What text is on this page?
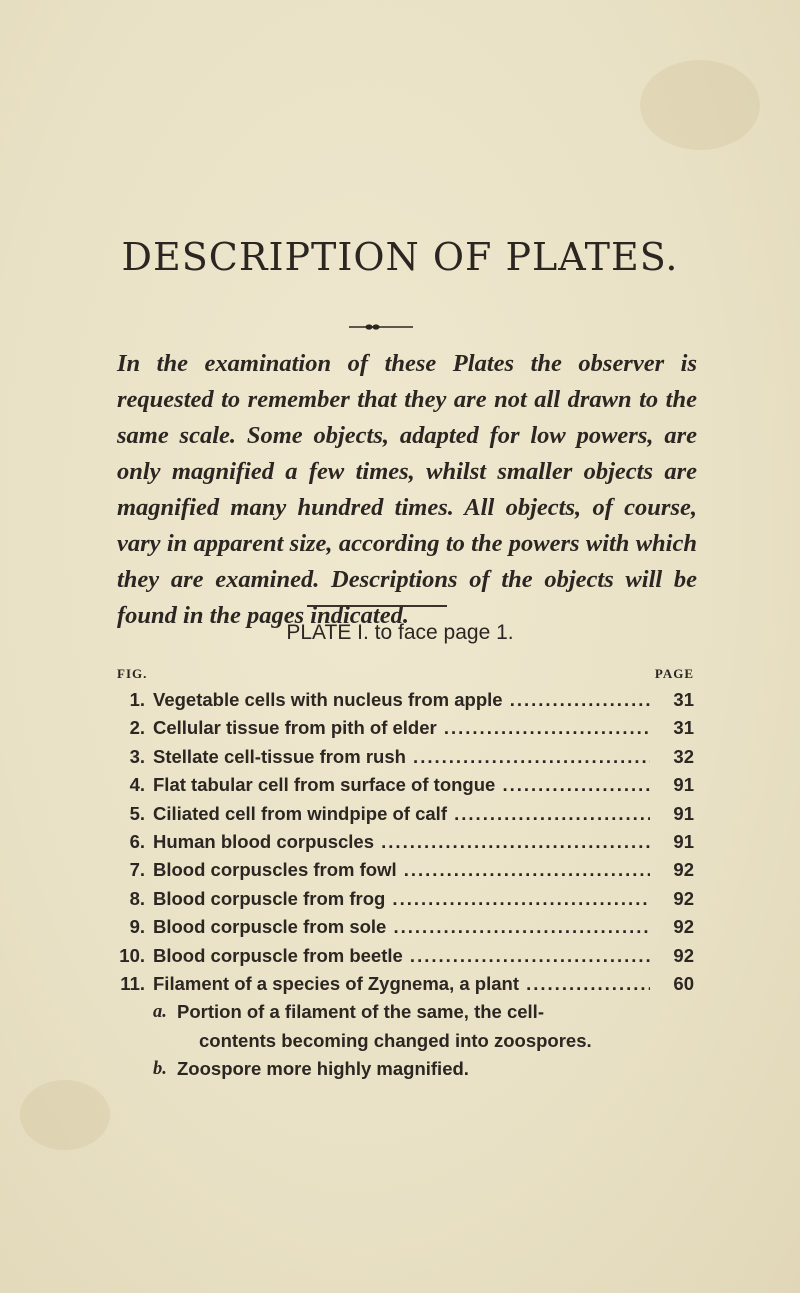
DESCRIPTION OF PLATES.
In the examination of these Plates the observer is requested to remember that they are not all drawn to the same scale. Some objects, adapted for low powers, are only magnified a few times, whilst smaller objects are magnified many hundred times. All objects, of course, vary in apparent size, according to the powers with which they are examined. Descriptions of the objects will be found in the pages indicated.
PLATE I. to face page 1.
FIG.	PAGE
1. Vegetable cells with nucleus from apple .....	31
2. Cellular tissue from pith of elder .....	31
3. Stellate cell-tissue from rush .....	32
4. Flat tabular cell from surface of tongue .....	91
5. Ciliated cell from windpipe of calf .....	91
6. Human blood corpuscles .....	91
7. Blood corpuscles from fowl .....	92
8. Blood corpuscle from frog .....	92
9. Blood corpuscle from sole .....	92
10. Blood corpuscle from beetle .....	92
11. Filament of a species of Zygnema, a plant .....	60
a. Portion of a filament of the same, the cell-
contents becoming changed into zoospores.
b. Zoospore more highly magnified.
